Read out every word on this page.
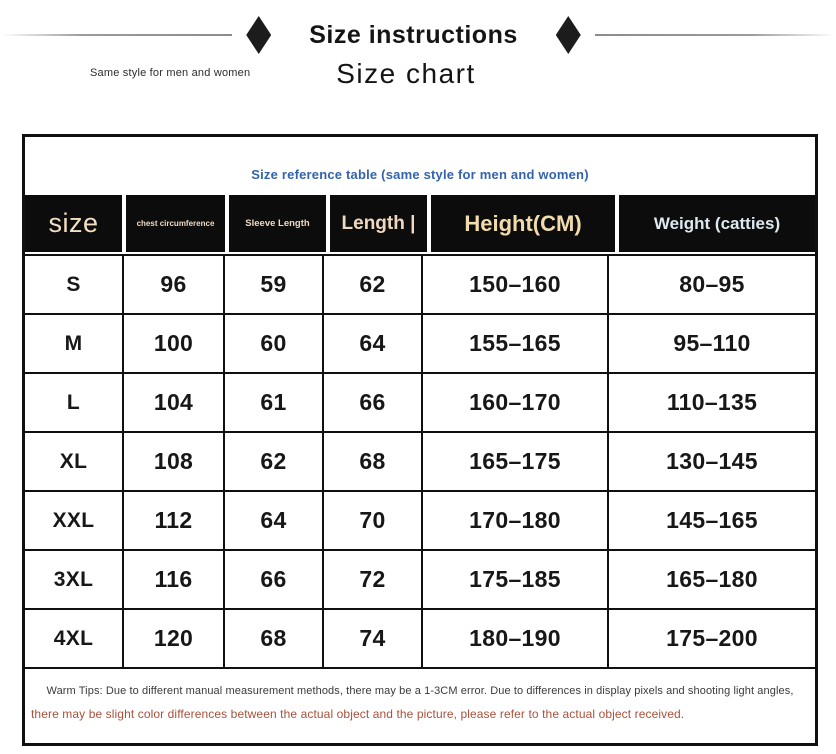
Size instructions
Same style for men and women	Size chart
Size reference table (same style for men and women)
size	chest circumference	Sleeve Length	Length |	Height(CM)	Weight (catties)
S	96	59	62	150–160	80–95
M	100	60	64	155–165	95–110
L	104	61	66	160–170	110–135
XL	108	62	68	165–175	130–145
XXL	112	64	70	170–180	145–165
3XL	116	66	72	175–185	165–180
4XL	120	68	74	180–190	175–200
Warm Tips: Due to different manual measurement methods, there may be a 1-3CM error. Due to differences in display pixels and shooting light angles,
there may be slight color differences between the actual object and the picture, please refer to the actual object received.
